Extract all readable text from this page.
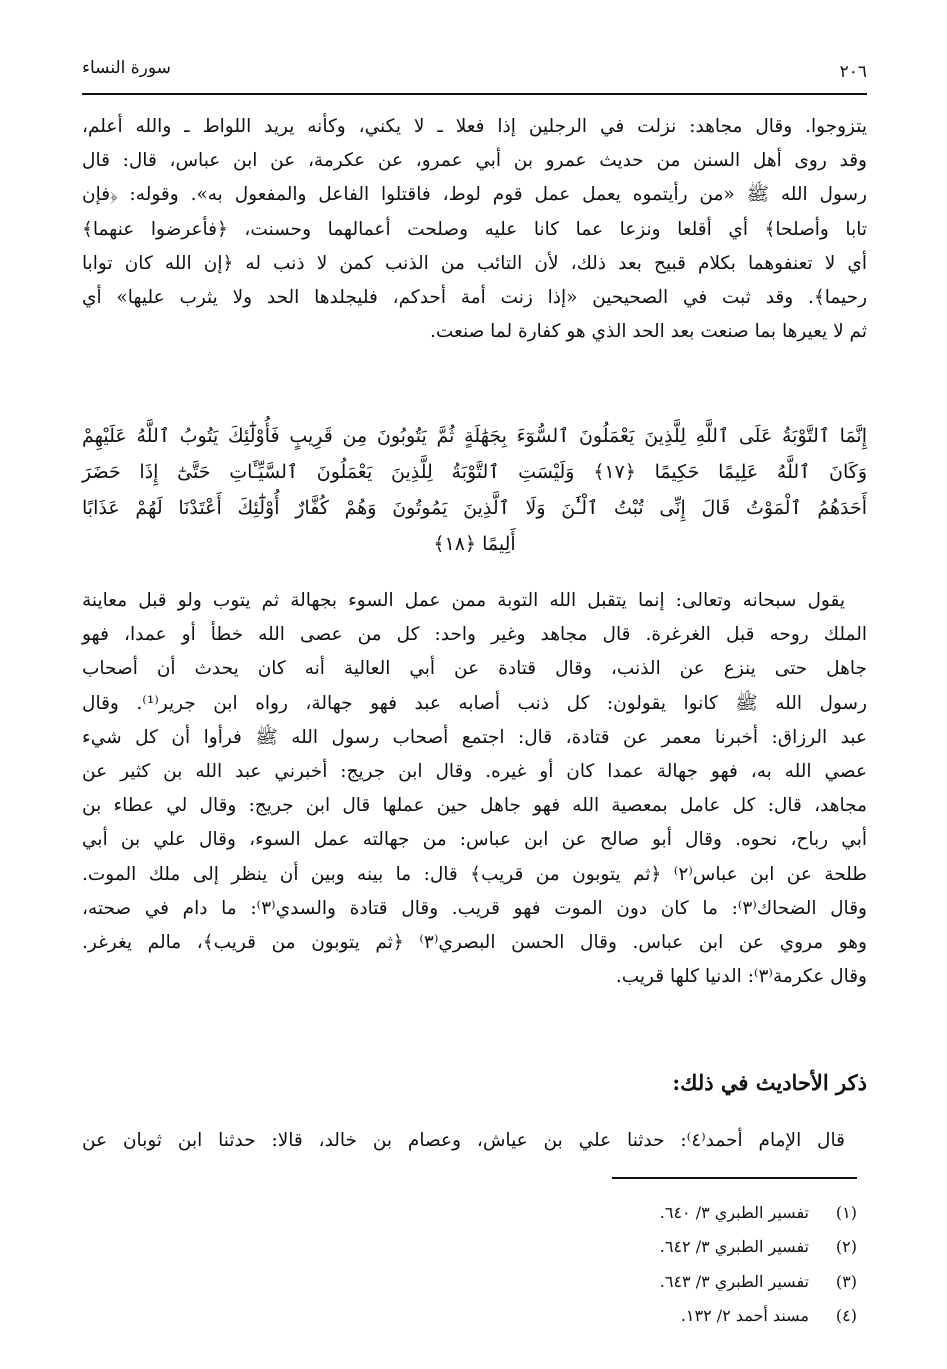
٢٠٦
سورة النساء
يتزوجوا. وقال مجاهد: نزلت في الرجلين إذا فعلا ـ لا يكني، وكأنه يريد اللواط ـ والله أعلم،
وقد روى أهل السنن من حديث عمرو بن أبي عمرو، عن عكرمة، عن ابن عباس، قال: قال
رسول الله ﷺ «من رأيتموه يعمل عمل قوم لوط، فاقتلوا الفاعل والمفعول به». وقوله: ﴿فإن
تابا وأصلحا﴾ أي أقلعا ونزعا عما كانا عليه وصلحت أعمالهما وحسنت، ﴿فأعرضوا عنهما﴾
أي لا تعنفوهما بكلام قبيح بعد ذلك، لأن التائب من الذنب كمن لا ذنب له ﴿إن الله كان توابا
رحيما﴾. وقد ثبت في الصحيحين «إذا زنت أمة أحدكم، فليجلدها الحد ولا يثرب عليها» أي
ثم لا يعيرها بما صنعت بعد الحد الذي هو كفارة لما صنعت.
إِنَّمَا ٱلتَّوْبَةُ عَلَى ٱللَّهِ لِلَّذِينَ يَعْمَلُونَ ٱلسُّوٓءَ بِجَهَٰلَةٍ ثُمَّ يَتُوبُونَ مِن قَرِيبٍ فَأُوْلَٰٓئِكَ يَتُوبُ ٱللَّهُ عَلَيْهِمْ
وَكَانَ ٱللَّهُ عَلِيمًا حَكِيمًا ﴿١٧﴾ وَلَيْسَتِ ٱلتَّوْبَةُ لِلَّذِينَ يَعْمَلُونَ ٱلسَّيِّـَٔاتِ حَتَّىٰٓ إِذَا حَضَرَ
أَحَدَهُمُ ٱلْمَوْتُ قَالَ إِنِّى تُبْتُ ٱلْـَٰٔنَ وَلَا ٱلَّذِينَ يَمُوتُونَ وَهُمْ كُفَّارٌ أُوْلَٰٓئِكَ أَعْتَدْنَا لَهُمْ عَذَابًا
أَلِيمًا ﴿١٨﴾
يقول سبحانه وتعالى: إنما يتقبل الله التوبة ممن عمل السوء بجهالة ثم يتوب ولو قبل معاينة
الملك روحه قبل الغرغرة. قال مجاهد وغير واحد: كل من عصى الله خطأ أو عمدا، فهو
جاهل حتى ينزع عن الذنب، وقال قتادة عن أبي العالية أنه كان يحدث أن أصحاب
رسول الله ﷺ كانوا يقولون: كل ذنب أصابه عبد فهو جهالة، رواه ابن جرير⁽¹⁾. وقال
عبد الرزاق: أخبرنا معمر عن قتادة، قال: اجتمع أصحاب رسول الله ﷺ فرأوا أن كل شيء
عصي الله به، فهو جهالة عمدا كان أو غيره. وقال ابن جريج: أخبرني عبد الله بن كثير عن
مجاهد، قال: كل عامل بمعصية الله فهو جاهل حين عملها قال ابن جريج: وقال لي عطاء بن
أبي رباح، نحوه. وقال أبو صالح عن ابن عباس: من جهالته عمل السوء، وقال علي بن أبي
طلحة عن ابن عباس⁽٢⁾ ﴿ثم يتوبون من قريب﴾ قال: ما بينه وبين أن ينظر إلى ملك الموت.
وقال الضحاك⁽٣⁾: ما كان دون الموت فهو قريب. وقال قتادة والسدي⁽٣⁾: ما دام في صحته،
وهو مروي عن ابن عباس. وقال الحسن البصري⁽٣⁾ ﴿ثم يتوبون من قريب﴾، مالم يغرغر.
وقال عكرمة⁽٣⁾: الدنيا كلها قريب.
ذكر الأحاديث في ذلك:
قال الإمام أحمد⁽٤⁾: حدثنا علي بن عياش، وعصام بن خالد، قالا: حدثنا ابن ثوبان عن
(١)
تفسير الطبري ٣/ ٦٤٠.
(٢)
تفسير الطبري ٣/ ٦٤٢.
(٣)
تفسير الطبري ٣/ ٦٤٣.
(٤)
مسند أحمد ٢/ ١٣٢.
